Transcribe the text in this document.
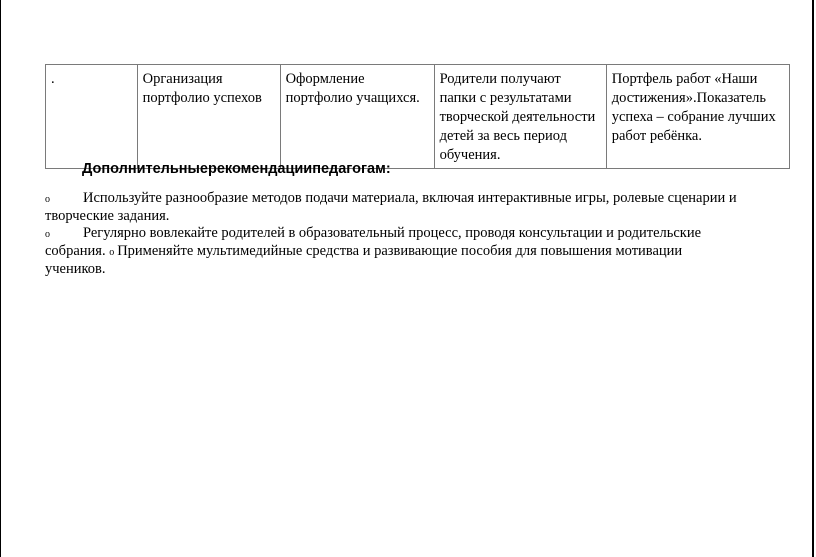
.	Организация портфолио успехов	Оформление портфолио учащихся.	Родители получают папки с результатами творческой деятельности детей за весь период обучения.	Портфель работ «Наши достижения».Показатель успеха – собрание лучших работ ребёнка.
Дополнительныерекомендациипедагогам:
o Используйте разнообразие методов подачи материала, включая интерактивные игры, ролевые сценарии и творческие задания.
o Регулярно вовлекайте родителей в образовательный процесс, проводя консультации и родительские собрания. o Применяйте мультимедийные средства и развивающие пособия для повышения мотивации учеников.
